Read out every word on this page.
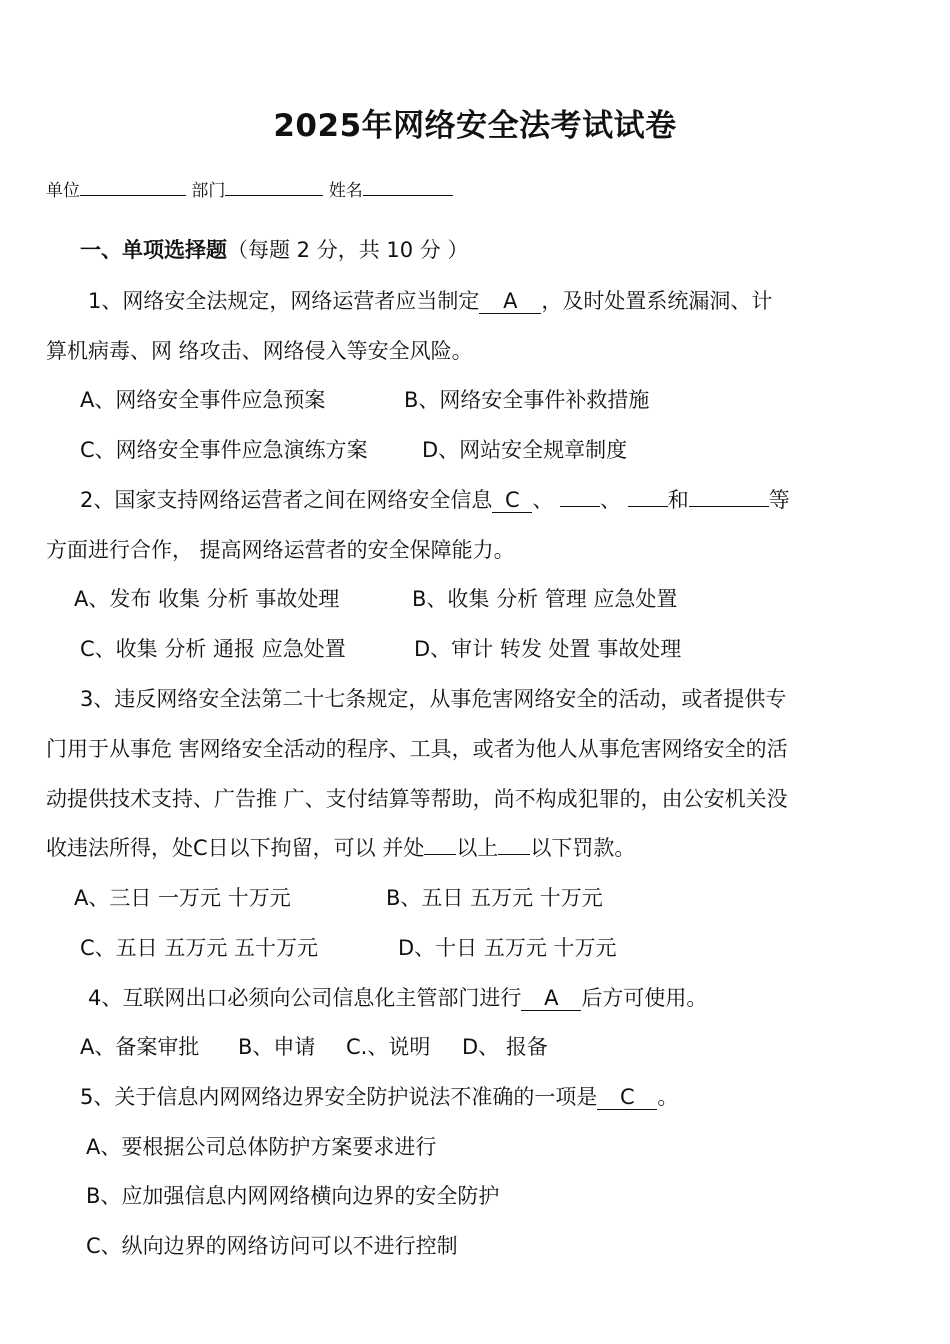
2025年网络安全法考试试卷
单位	部门	姓名
一、单项选择题（每题 2 分，共 10 分 ）
1、网络安全法规定，网络运营者应当制定 A ，及时处置系统漏洞、计
算机病毒、网 络攻击、网络侵入等安全风险。
A、网络安全事件应急预案	B、网络安全事件补救措施
C、网络安全事件应急演练方案	D、网站安全规章制度
2、国家支持网络运营者之间在网络安全信息 C 、 、 和	等
方面进行合作， 提高网络运营者的安全保障能力。
A、发布 收集 分析 事故处理	B、收集 分析 管理 应急处置
C、收集 分析 通报 应急处置	D、审计 转发 处置 事故处理
3、违反网络安全法第二十七条规定，从事危害网络安全的活动，或者提供专
门用于从事危 害网络安全活动的程序、工具，或者为他人从事危害网络安全的活
动提供技术支持、广告推 广、支付结算等帮助，尚不构成犯罪的，由公安机关没
收违法所得，处C日以下拘留，可以 并处 以上 以下罚款。
A、三日 一万元 十万元	B、五日 五万元 十万元
C、五日 五万元 五十万元	D、十日 五万元 十万元
4、互联网出口必须向公司信息化主管部门进行 A 后方可使用。
A、备案审批 B、申请 C.、说明 D、 报备
5、关于信息内网网络边界安全防护说法不准确的一项是 C 。
A、要根据公司总体防护方案要求进行
B、应加强信息内网网络横向边界的安全防护
C、纵向边界的网络访问可以不进行控制
